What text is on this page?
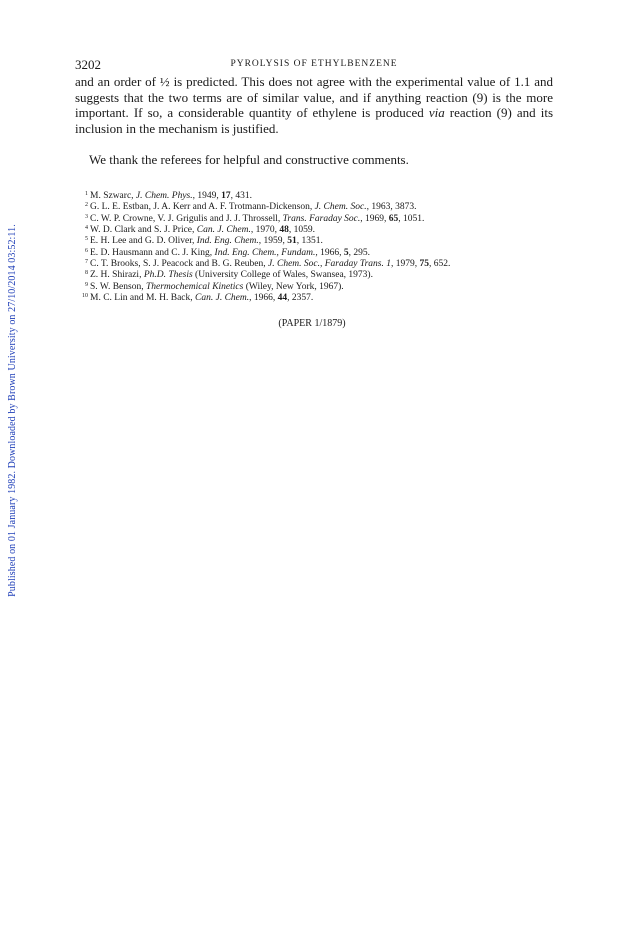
Published on 01 January 1982. Downloaded by Brown University on 27/10/2014 03:52:11.
3202	PYROLYSIS OF ETHYLBENZENE

and an order of ½ is predicted. This does not agree with the experimental value of 1.1 and suggests that the two terms are of similar value, and if anything reaction (9) is the more important. If so, a considerable quantity of ethylene is produced via reaction (9) and its inclusion in the mechanism is justified.

We thank the referees for helpful and constructive comments.

1 M. Szwarc, J. Chem. Phys., 1949, 17, 431.
2 G. L. E. Estban, J. A. Kerr and A. F. Trotmann-Dickenson, J. Chem. Soc., 1963, 3873.
3 C. W. P. Crowne, V. J. Grigulis and J. J. Throssell, Trans. Faraday Soc., 1969, 65, 1051.
4 W. D. Clark and S. J. Price, Can. J. Chem., 1970, 48, 1059.
5 E. H. Lee and G. D. Oliver, Ind. Eng. Chem., 1959, 51, 1351.
6 E. D. Hausmann and C. J. King, Ind. Eng. Chem., Fundam., 1966, 5, 295.
7 C. T. Brooks, S. J. Peacock and B. G. Reuben, J. Chem. Soc., Faraday Trans. 1, 1979, 75, 652.
8 Z. H. Shirazi, Ph.D. Thesis (University College of Wales, Swansea, 1973).
9 S. W. Benson, Thermochemical Kinetics (Wiley, New York, 1967).
10 M. C. Lin and M. H. Back, Can. J. Chem., 1966, 44, 2357.
(PAPER 1/1879)
